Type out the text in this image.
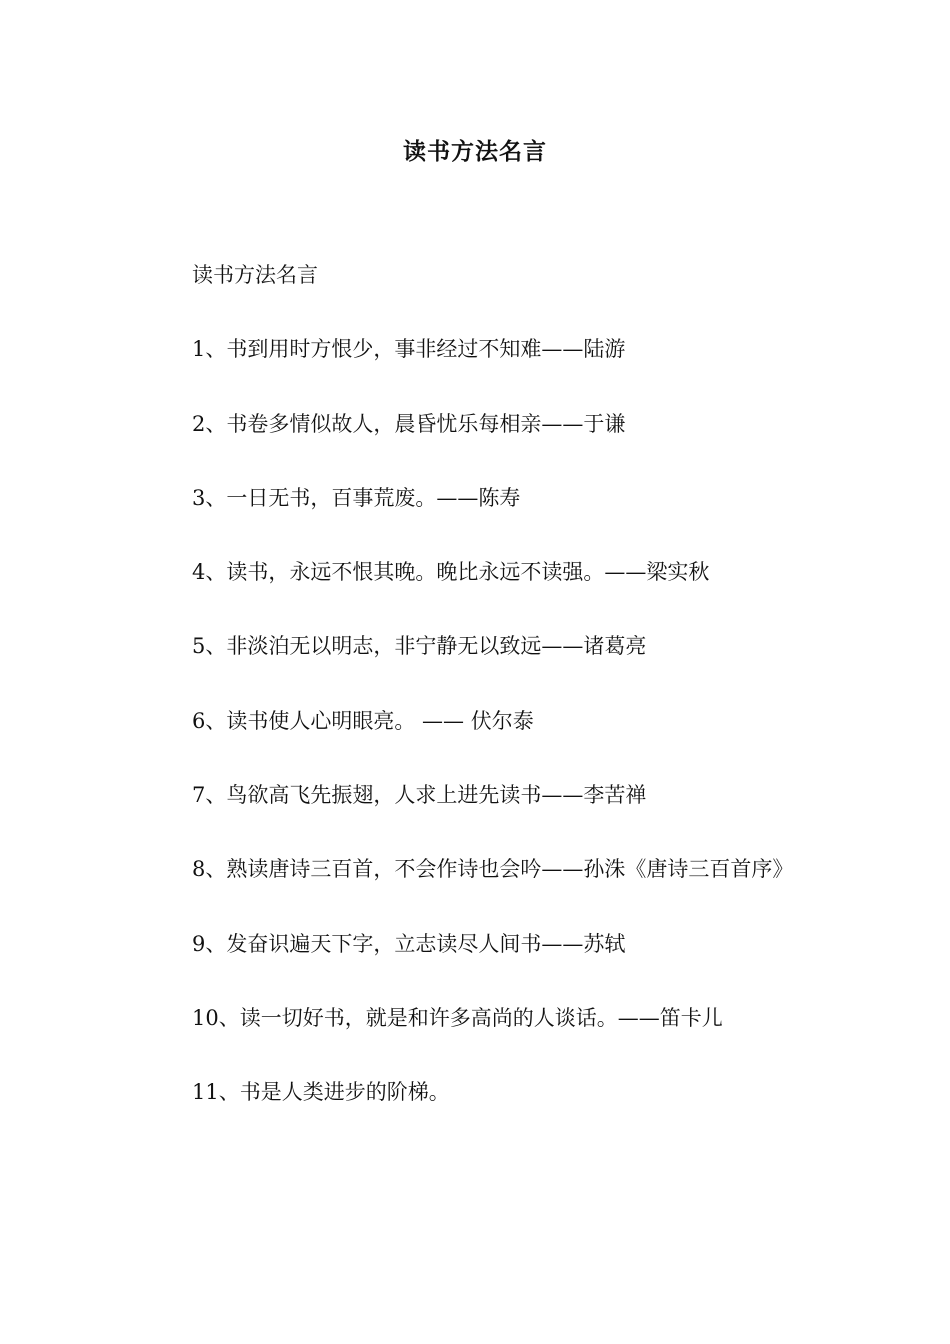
读书方法名言

读书方法名言

1、书到用时方恨少，事非经过不知难——陆游

2、书卷多情似故人，晨昏忧乐每相亲——于谦

3、一日无书，百事荒废。——陈寿

4、读书，永远不恨其晚。晚比永远不读强。——梁实秋

5、非淡泊无以明志，非宁静无以致远——诸葛亮

6、读书使人心明眼亮。 —— 伏尔泰

7、鸟欲高飞先振翅，人求上进先读书——李苦禅

8、熟读唐诗三百首，不会作诗也会吟——孙洙《唐诗三百首序》

9、发奋识遍天下字，立志读尽人间书——苏轼

10、读一切好书，就是和许多高尚的人谈话。——笛卡儿

11、书是人类进步的阶梯。
